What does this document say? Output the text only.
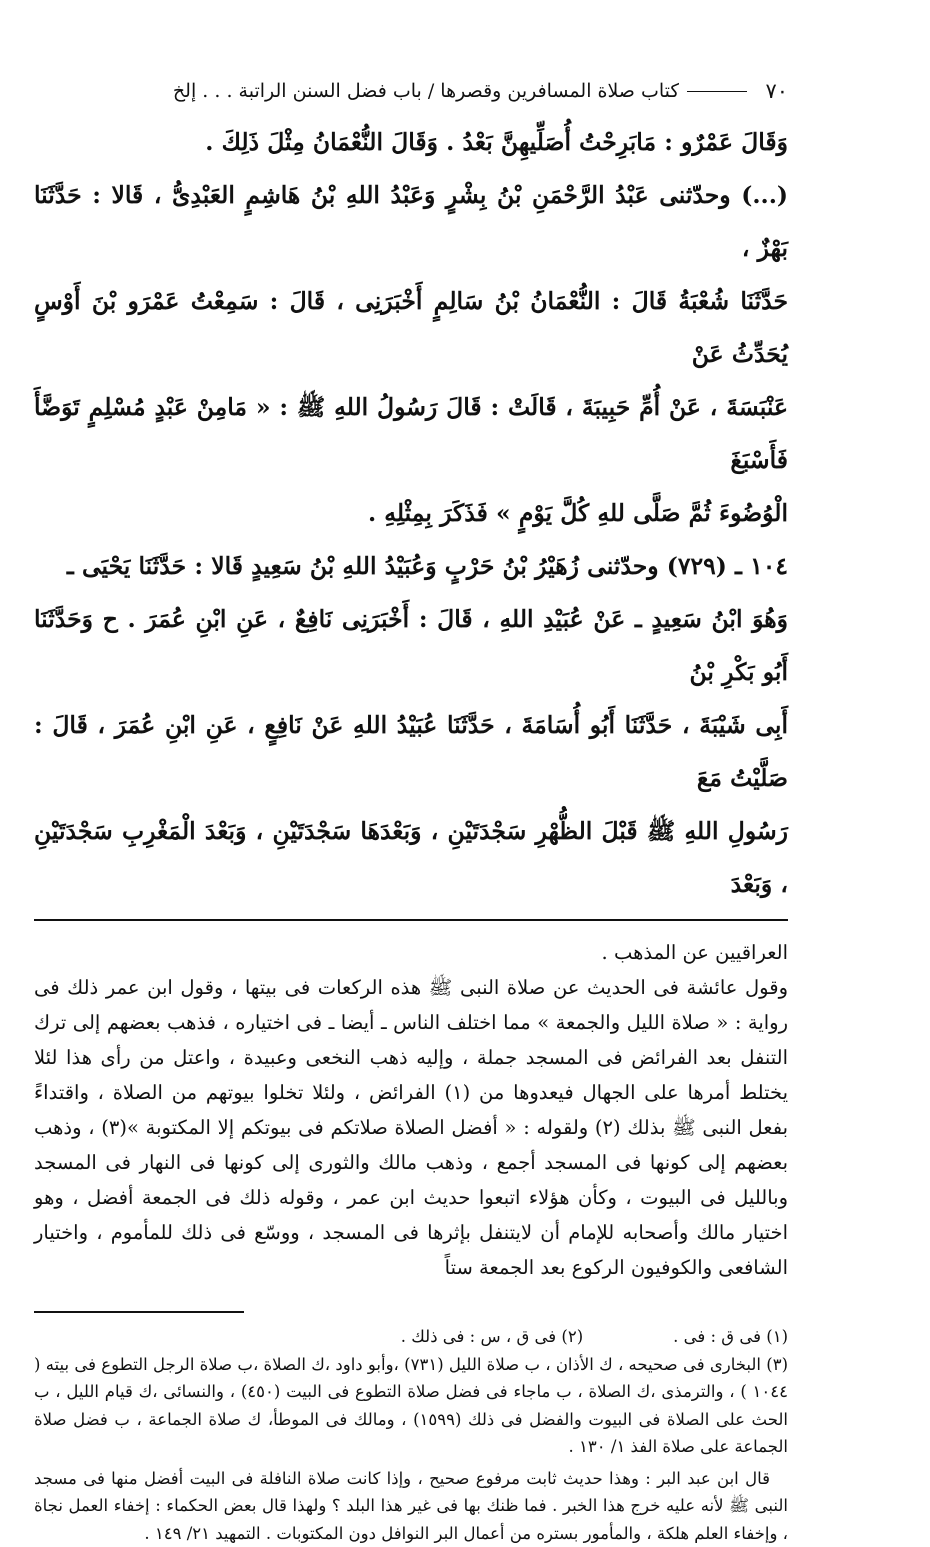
٧٠
كتاب صلاة المسافرين وقصرها / باب فضل السنن الراتبة . . . إلخ

وَقَالَ عَمْرٌو : مَابَرِحْتُ أُصَلِّيهِنَّ بَعْدُ . وَقَالَ النُّعْمَانُ مِثْلَ ذَلِكَ .

(...) وحدّثنى عَبْدُ الرَّحْمَنِ بْنُ بِشْرٍ وَعَبْدُ اللهِ بْنُ هَاشِمٍ العَبْدِىُّ ، قَالا : حَدَّثَنَا بَهْزٌ ،

حَدَّثَنَا شُعْبَةُ قَالَ : النُّعْمَانُ بْنُ سَالِمٍ أَخْبَرَنِى ، قَالَ : سَمِعْتُ عَمْرَو بْنَ أَوْسٍ يُحَدِّثُ عَنْ

عَنْبَسَةَ ، عَنْ أُمِّ حَبِيبَةَ ، قَالَتْ : قَالَ رَسُولُ اللهِ ﷺ : « مَامِنْ عَبْدٍ مُسْلِمٍ تَوَضَّأَ فَأَسْبَغَ

الْوُضُوءَ ثُمَّ صَلَّى للهِ كُلَّ يَوْمٍ » فَذَكَرَ بِمِثْلِهِ .

١٠٤ ـ (٧٢٩) وحدّثنى زُهَيْرُ بْنُ حَرْبٍ وَعُبَيْدُ اللهِ بْنُ سَعِيدٍ قَالا : حَدَّثَنَا يَحْيَى ـ

وَهُوَ ابْنُ سَعِيدٍ ـ عَنْ عُبَيْدِ اللهِ ، قَالَ : أَخْبَرَنِى نَافِعٌ ، عَنِ ابْنِ عُمَرَ . ح وَحَدَّثَنَا أَبُو بَكْرِ بْنُ

أَبِى شَيْبَةَ ، حَدَّثَنَا أَبُو أُسَامَةَ ، حَدَّثَنَا عُبَيْدُ اللهِ عَنْ نَافِعٍ ، عَنِ ابْنِ عُمَرَ ، قَالَ : صَلَّيْتُ مَعَ

رَسُولِ اللهِ ﷺ قَبْلَ الظُّهْرِ سَجْدَتَيْنِ ، وَبَعْدَهَا سَجْدَتَيْنِ ، وَبَعْدَ الْمَغْرِبِ سَجْدَتَيْنِ ، وَبَعْدَ

العراقيين عن المذهب .

وقول عائشة فى الحديث عن صلاة النبى ﷺ هذه الركعات فى بيتها ، وقول ابن عمر ذلك فى رواية : « صلاة الليل والجمعة » مما اختلف الناس ـ أيضا ـ فى اختياره ، فذهب بعضهم إلى ترك التنفل بعد الفرائض فى المسجد جملة ، وإليه ذهب النخعى وعبيدة ، واعتل من رأى هذا لئلا يختلط أمرها على الجهال فيعدوها من (١) الفرائض ، ولئلا تخلوا بيوتهم من الصلاة ، واقتداءً بفعل النبى ﷺ بذلك (٢) ولقوله : « أفضل الصلاة صلاتكم فى بيوتكم إلا المكتوبة »(٣) ، وذهب بعضهم إلى كونها فى المسجد أجمع ، وذهب مالك والثورى إلى كونها فى النهار فى المسجد وبالليل فى البيوت ، وكأن هؤلاء اتبعوا حديث ابن عمر ، وقوله ذلك فى الجمعة أفضل ، وهو اختيار مالك وأصحابه للإمام أن لايتنفل بإثرها فى المسجد ، ووسّع فى ذلك للمأموم ، واختيار الشافعى والكوفيون الركوع بعد الجمعة ستاً

(١) فى ق : فى .
(٢) فى ق ، س : فى ذلك .

(٣) البخارى فى صحيحه ، ك الأذان ، ب صلاة الليل (٧٣١) ،وأبو داود ،ك الصلاة ،ب صلاة الرجل التطوع فى بيته ( ١٠٤٤ ) ، والترمذى ،ك الصلاة ، ب ماجاء فى فضل صلاة التطوع فى البيت (٤٥٠) ، والنسائى ،ك قيام الليل ، ب الحث على الصلاة فى البيوت والفضل فى ذلك (١٥٩٩) ، ومالك فى الموطأ، ك صلاة الجماعة ، ب فضل صلاة الجماعة على صلاة الفذ ١/ ١٣٠ .

قال ابن عبد البر : وهذا حديث ثابت مرفوع صحيح ، وإذا كانت صلاة النافلة فى البيت أفضل منها فى مسجد النبى ﷺ لأنه عليه خرج هذا الخبر . فما ظنك بها فى غير هذا البلد ؟ ولهذا قال بعض الحكماء : إخفاء العمل نجاة ، وإخفاء العلم هلكة ، والمأمور بستره من أعمال البر النوافل دون المكتوبات . التمهيد ٢١/ ١٤٩ .
